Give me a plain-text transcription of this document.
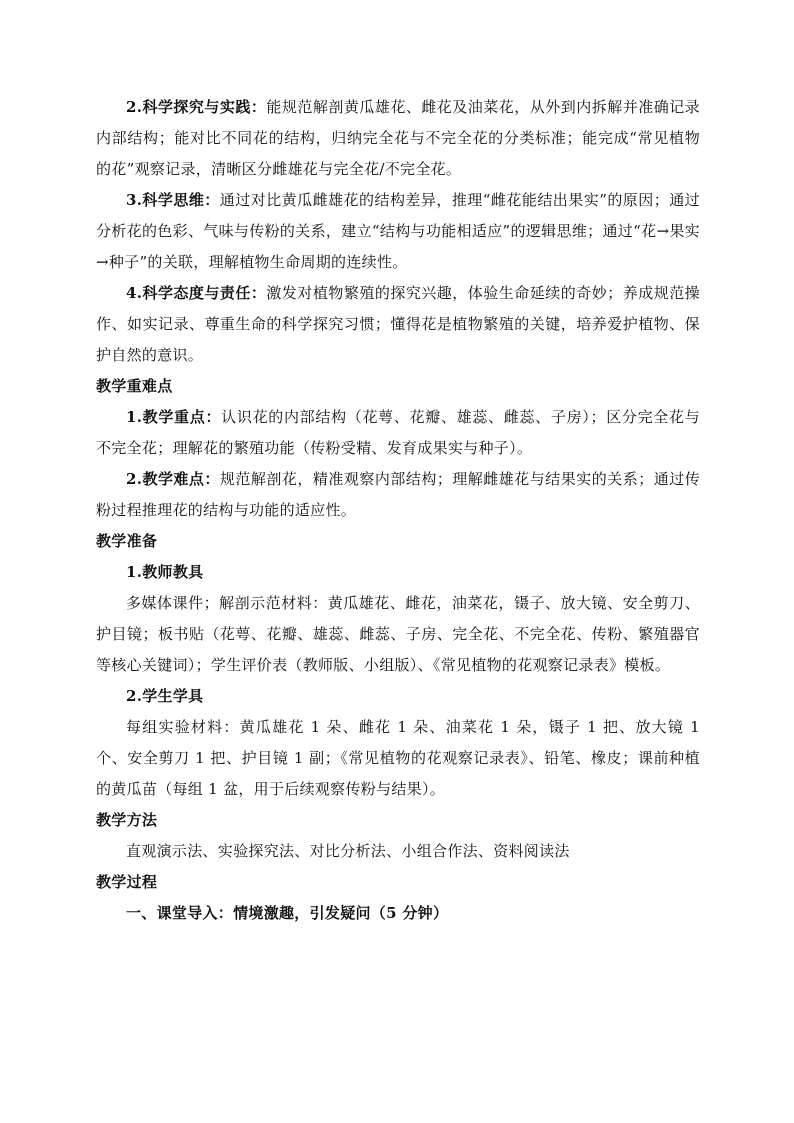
2.科学探究与实践：能规范解剖黄瓜雄花、雌花及油菜花，从外到内拆解并准确记录内部结构；能对比不同花的结构，归纳完全花与不完全花的分类标准；能完成“常见植物的花”观察记录，清晰区分雌雄花与完全花/不完全花。

3.科学思维：通过对比黄瓜雌雄花的结构差异，推理“雌花能结出果实”的原因；通过分析花的色彩、气味与传粉的关系，建立“结构与功能相适应”的逻辑思维；通过“花→果实→种子”的关联，理解植物生命周期的连续性。

4.科学态度与责任：激发对植物繁殖的探究兴趣，体验生命延续的奇妙；养成规范操作、如实记录、尊重生命的科学探究习惯；懂得花是植物繁殖的关键，培养爱护植物、保护自然的意识。

教学重难点

1.教学重点：认识花的内部结构（花萼、花瓣、雄蕊、雌蕊、子房）；区分完全花与不完全花；理解花的繁殖功能（传粉受精、发育成果实与种子）。

2.教学难点：规范解剖花，精准观察内部结构；理解雌雄花与结果实的关系；通过传粉过程推理花的结构与功能的适应性。

教学准备

1.教师教具

多媒体课件；解剖示范材料：黄瓜雄花、雌花，油菜花，镊子、放大镜、安全剪刀、护目镜；板书贴（花萼、花瓣、雄蕊、雌蕊、子房、完全花、不完全花、传粉、繁殖器官等核心关键词）；学生评价表（教师版、小组版）、《常见植物的花观察记录表》模板。

2.学生学具

每组实验材料：黄瓜雄花 1 朵、雌花 1 朵、油菜花 1 朵，镊子 1 把、放大镜 1 个、安全剪刀 1 把、护目镜 1 副；《常见植物的花观察记录表》、铅笔、橡皮；课前种植的黄瓜苗（每组 1 盆，用于后续观察传粉与结果）。

教学方法

直观演示法、实验探究法、对比分析法、小组合作法、资料阅读法

教学过程

一、课堂导入：情境激趣，引发疑问（5 分钟）
